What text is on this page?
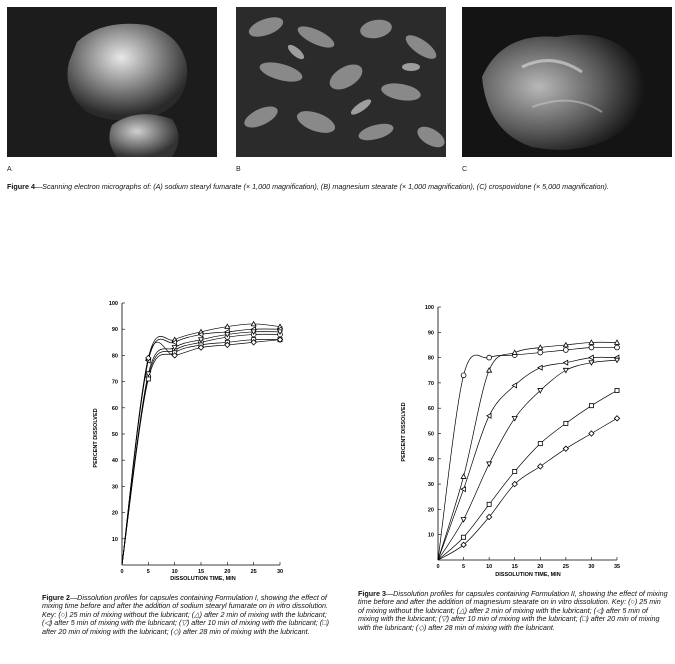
A	B	C
Figure 4—Scanning electron micrographs of: (A) sodium stearyl fumarate (× 1,000 magnification), (B) magnesium stearate (× 1,000 magnification), (C) crospovidone (× 5,000 magnification).
PERCENT DISSOLVED
DISSOLUTION TIME, MIN
10
20
30
40
50
60
70
80
90
100
0	5	10	15	20	25	30
Figure 2—Dissolution profiles for capsules containing Formulation I, showing the effect of mixing time before and after the addition of sodium stearyl fumarate on in vitro dissolution. Key: (○) 25 min of mixing without the lubricant; (△) after 2 min of mixing with the lubricant; (◁) after 5 min of mixing with the lubricant; (▽) after 10 min of mixing with the lubricant; (□) after 20 min of mixing with the lubricant; (◇) after 28 min of mixing with the lubricant.
PERCENT DISSOLVED
DISSOLUTION TIME, MIN
10
20
30
40
50
60
70
80
90
100
0	5	10	15	20	25	30	35
Figure 3—Dissolution profiles for capsules containing Formulation II, showing the effect of mixing time before and after the addition of magnesium stearate on in vitro dissolution. Key: (○) 25 min of mixing without the lubricant; (△) after 2 min of mixing with the lubricant; (◁) after 5 min of mixing with the lubricant; (▽) after 10 min of mixing with the lubricant; (□) after 20 min of mixing with the lubricant; (◇) after 28 min of mixing with the lubricant.
